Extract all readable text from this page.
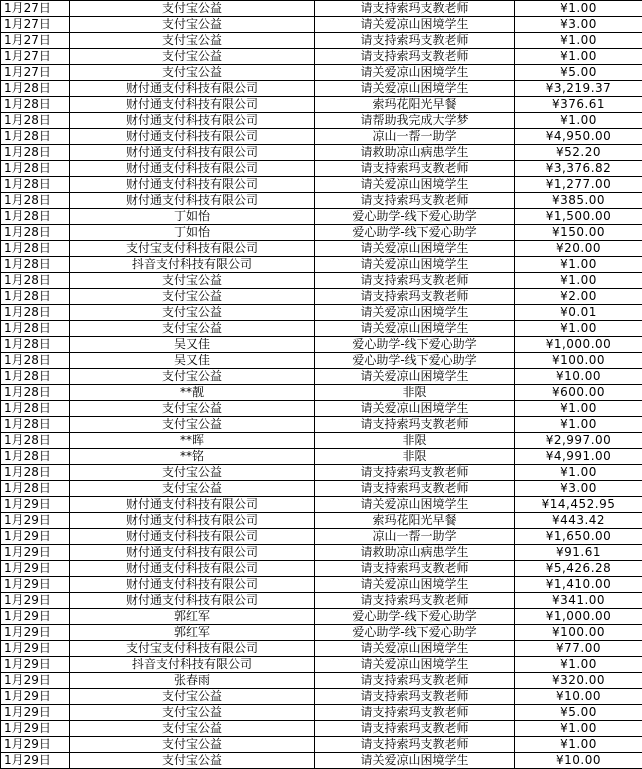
1月27日	支付宝公益	请支持索玛支教老师	¥1.00
1月27日	支付宝公益	请关爱凉山困境学生	¥3.00
1月27日	支付宝公益	请支持索玛支教老师	¥1.00
1月27日	支付宝公益	请支持索玛支教老师	¥1.00
1月27日	支付宝公益	请关爱凉山困境学生	¥5.00
1月28日	财付通支付科技有限公司	请关爱凉山困境学生	¥3,219.37
1月28日	财付通支付科技有限公司	索玛花阳光早餐	¥376.61
1月28日	财付通支付科技有限公司	请帮助我完成大学梦	¥1.00
1月28日	财付通支付科技有限公司	凉山一帮一助学	¥4,950.00
1月28日	财付通支付科技有限公司	请救助凉山病患学生	¥52.20
1月28日	财付通支付科技有限公司	请支持索玛支教老师	¥3,376.82
1月28日	财付通支付科技有限公司	请关爱凉山困境学生	¥1,277.00
1月28日	财付通支付科技有限公司	请支持索玛支教老师	¥385.00
1月28日	丁如怡	爱心助学-线下爱心助学	¥1,500.00
1月28日	丁如怡	爱心助学-线下爱心助学	¥150.00
1月28日	支付宝支付科技有限公司	请关爱凉山困境学生	¥20.00
1月28日	抖音支付科技有限公司	请关爱凉山困境学生	¥1.00
1月28日	支付宝公益	请支持索玛支教老师	¥1.00
1月28日	支付宝公益	请支持索玛支教老师	¥2.00
1月28日	支付宝公益	请关爱凉山困境学生	¥0.01
1月28日	支付宝公益	请关爱凉山困境学生	¥1.00
1月28日	吴又佳	爱心助学-线下爱心助学	¥1,000.00
1月28日	吴又佳	爱心助学-线下爱心助学	¥100.00
1月28日	支付宝公益	请关爱凉山困境学生	¥10.00
1月28日	**靓	非限	¥600.00
1月28日	支付宝公益	请关爱凉山困境学生	¥1.00
1月28日	支付宝公益	请支持索玛支教老师	¥1.00
1月28日	**晖	非限	¥2,997.00
1月28日	**铭	非限	¥4,991.00
1月28日	支付宝公益	请支持索玛支教老师	¥1.00
1月28日	支付宝公益	请支持索玛支教老师	¥3.00
1月29日	财付通支付科技有限公司	请关爱凉山困境学生	¥14,452.95
1月29日	财付通支付科技有限公司	索玛花阳光早餐	¥443.42
1月29日	财付通支付科技有限公司	凉山一帮一助学	¥1,650.00
1月29日	财付通支付科技有限公司	请救助凉山病患学生	¥91.61
1月29日	财付通支付科技有限公司	请支持索玛支教老师	¥5,426.28
1月29日	财付通支付科技有限公司	请关爱凉山困境学生	¥1,410.00
1月29日	财付通支付科技有限公司	请支持索玛支教老师	¥341.00
1月29日	郭红军	爱心助学-线下爱心助学	¥1,000.00
1月29日	郭红军	爱心助学-线下爱心助学	¥100.00
1月29日	支付宝支付科技有限公司	请关爱凉山困境学生	¥77.00
1月29日	抖音支付科技有限公司	请关爱凉山困境学生	¥1.00
1月29日	张春雨	请支持索玛支教老师	¥320.00
1月29日	支付宝公益	请支持索玛支教老师	¥10.00
1月29日	支付宝公益	请支持索玛支教老师	¥5.00
1月29日	支付宝公益	请支持索玛支教老师	¥1.00
1月29日	支付宝公益	请支持索玛支教老师	¥1.00
1月29日	支付宝公益	请关爱凉山困境学生	¥10.00
